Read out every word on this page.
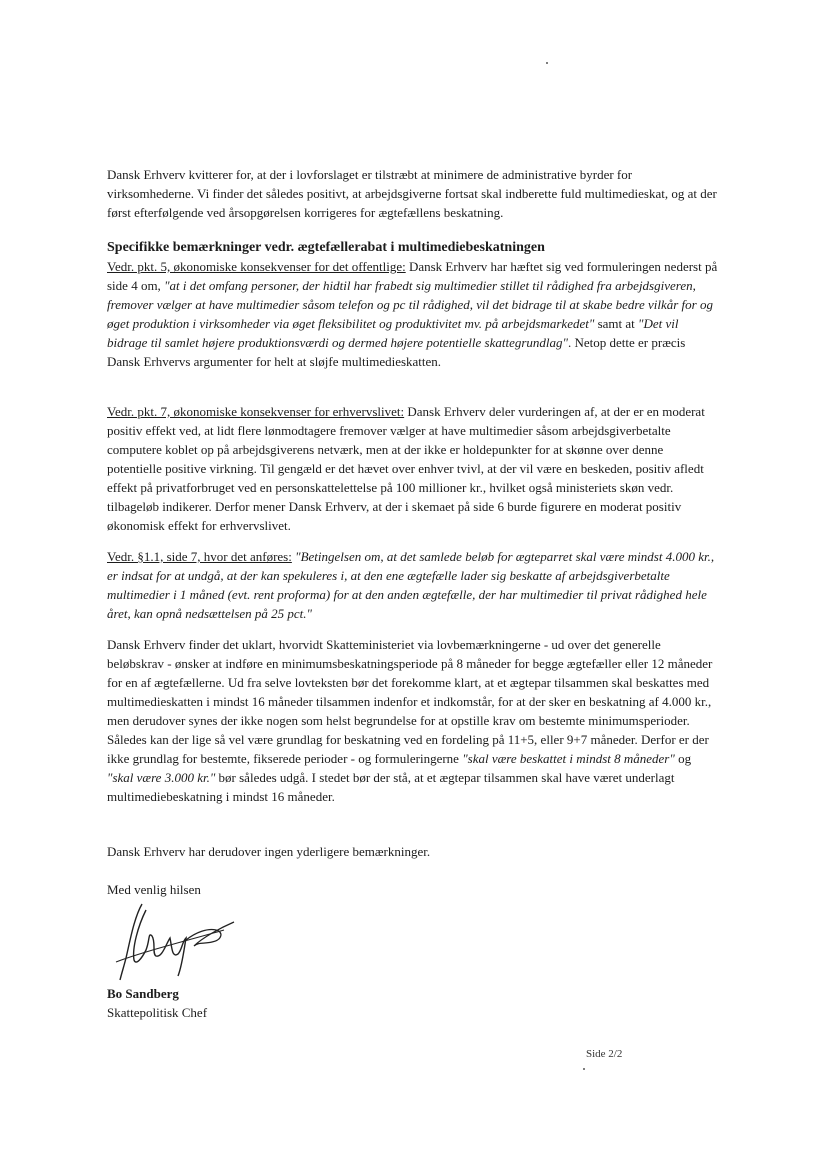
Dansk Erhverv kvitterer for, at der i lovforslaget er tilstræbt at minimere de administrative byrder for virksomhederne. Vi finder det således positivt, at arbejdsgiverne fortsat skal indberette fuld multimedieskat, og at der først efterfølgende ved årsopgørelsen korrigeres for ægtefællens beskatning.

Specifikke bemærkninger vedr. ægtefællerabat i multimediebeskatningen

Vedr. pkt. 5, økonomiske konsekvenser for det offentlige: Dansk Erhverv har hæftet sig ved formuleringen nederst på side 4 om, "at i det omfang personer, der hidtil har frabedt sig multimedier stillet til rådighed fra arbejdsgiveren, fremover vælger at have multimedier såsom telefon og pc til rådighed, vil det bidrage til at skabe bedre vilkår for og øget produktion i virksomheder via øget fleksibilitet og produktivitet mv. på arbejdsmarkedet" samt at "Det vil bidrage til samlet højere produktionsværdi og dermed højere potentielle skattegrundlag". Netop dette er præcis Dansk Erhvervs argumenter for helt at sløjfe multimedieskatten.

Vedr. pkt. 7, økonomiske konsekvenser for erhvervslivet: Dansk Erhverv deler vurderingen af, at der er en moderat positiv effekt ved, at lidt flere lønmodtagere fremover vælger at have multimedier såsom arbejdsgiverbetalte computere koblet op på arbejdsgiverens netværk, men at der ikke er holdepunkter for at skønne over denne potentielle positive virkning. Til gengæld er det hævet over enhver tvivl, at der vil være en beskeden, positiv afledt effekt på privatforbruget ved en personskattelettelse på 100 millioner kr., hvilket også ministeriets skøn vedr. tilbageløb indikerer. Derfor mener Dansk Erhverv, at der i skemaet på side 6 burde figurere en moderat positiv økonomisk effekt for erhvervslivet.

Vedr. §1.1, side 7, hvor det anføres: "Betingelsen om, at det samlede beløb for ægteparret skal være mindst 4.000 kr., er indsat for at undgå, at der kan spekuleres i, at den ene ægtefælle lader sig beskatte af arbejdsgiverbetalte multimedier i 1 måned (evt. rent proforma) for at den anden ægtefælle, der har multimedier til privat rådighed hele året, kan opnå nedsættelsen på 25 pct."

Dansk Erhverv finder det uklart, hvorvidt Skatteministeriet via lovbemærkningerne - ud over det generelle beløbskrav - ønsker at indføre en minimumsbeskatningsperiode på 8 måneder for begge ægtefæller eller 12 måneder for en af ægtefællerne. Ud fra selve lovteksten bør det forekomme klart, at et ægtepar tilsammen skal beskattes med multimedieskatten i mindst 16 måneder tilsammen indenfor et indkomstår, for at der sker en beskatning af 4.000 kr., men derudover synes der ikke nogen som helst begrundelse for at opstille krav om bestemte minimumsperioder. Således kan der lige så vel være grundlag for beskatning ved en fordeling på 11+5, eller 9+7 måneder. Derfor er der ikke grundlag for bestemte, fikserede perioder - og formuleringerne "skal være beskattet i mindst 8 måneder" og "skal være 3.000 kr." bør således udgå. I stedet bør der stå, at et ægtepar tilsammen skal have været underlagt multimediebeskatning i mindst 16 måneder.

Dansk Erhverv har derudover ingen yderligere bemærkninger.

Med venlig hilsen

Bo Sandberg

Skattepolitisk Chef

Side 2/2
